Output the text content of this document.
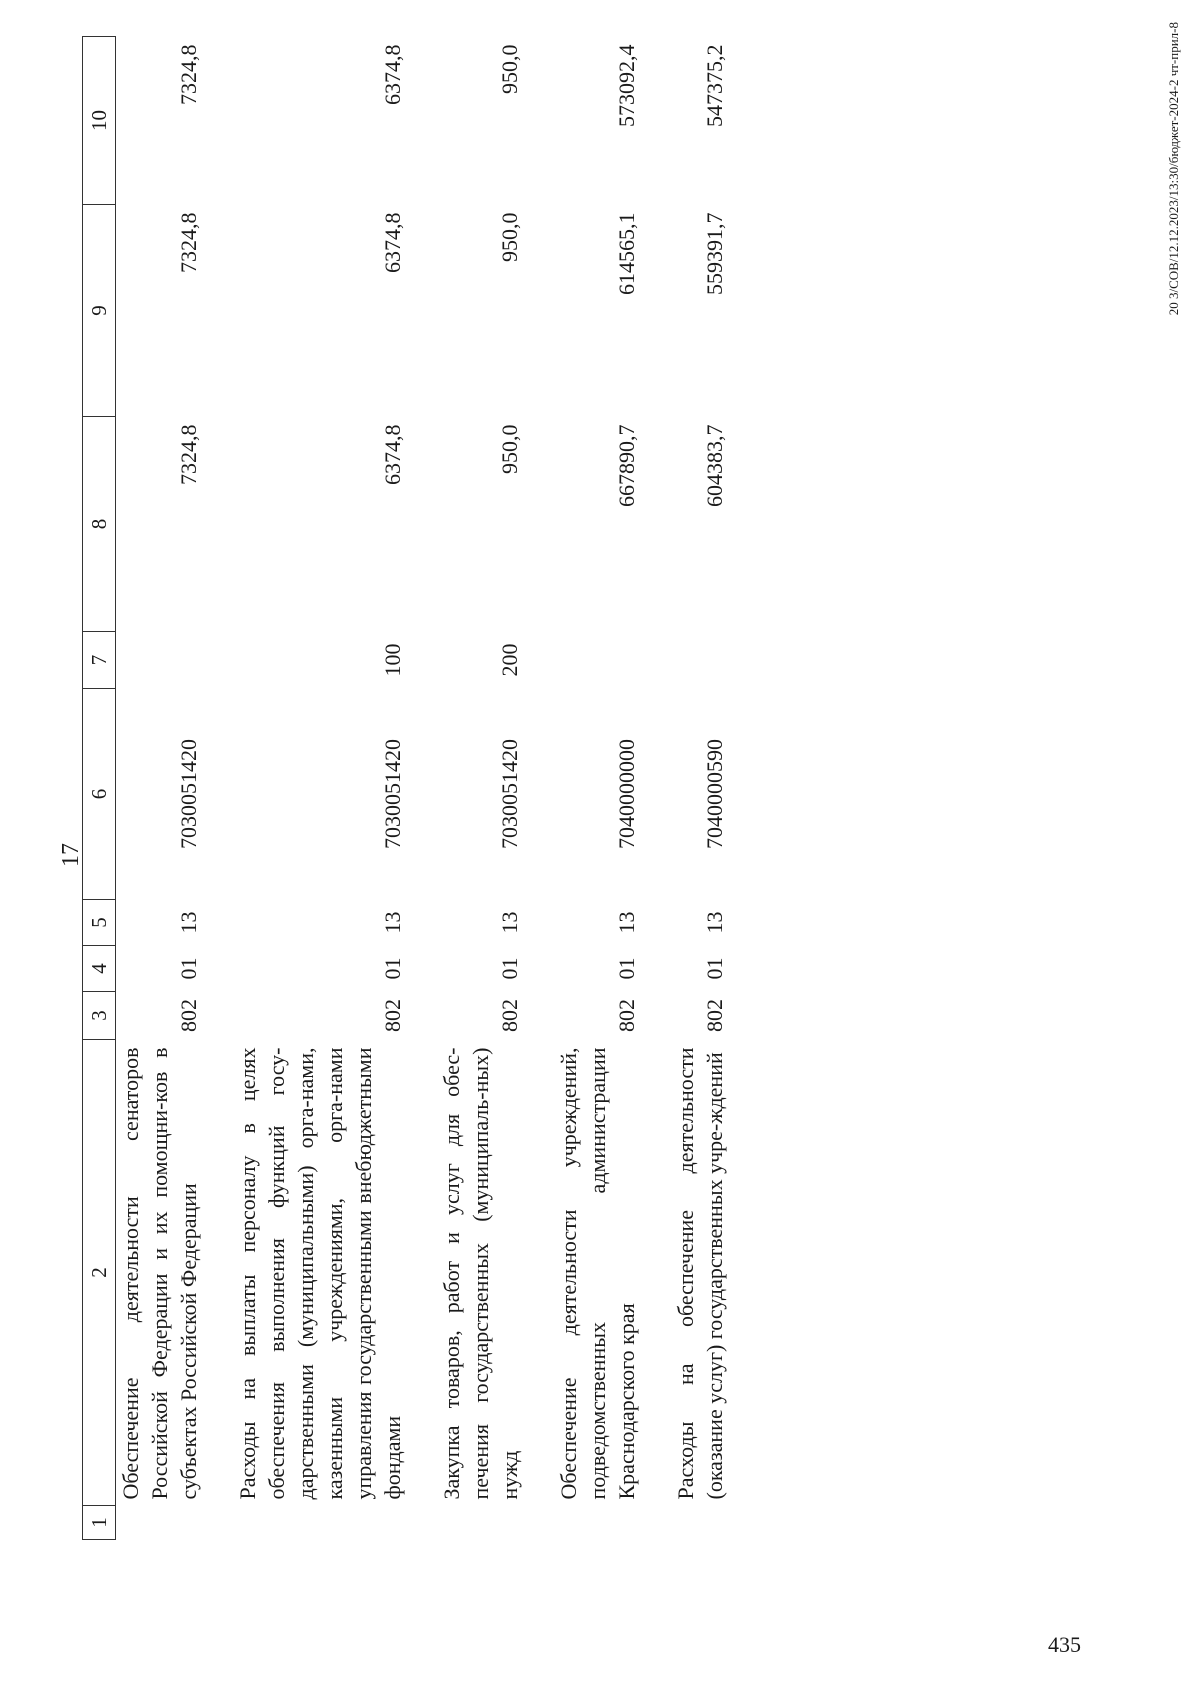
17
1	2	3	4	5	6	7	8	9	10
	Обеспечение деятельности сенаторов Российской Федерации и их помощни-ков в субъектах Российской Федерации	802	01	13	7030051420		7324,8	7324,8	7324,8

	Расходы на выплаты персоналу в целях обеспечения выполнения функций госу-дарственными (муниципальными) орга-нами, казенными учреждениями, орга-нами управления государственными внебюджетными фондами	802	01	13	7030051420	100	6374,8	6374,8	6374,8

	Закупка товаров, работ и услуг для обес-печения государственных (муниципаль-ных) нужд	802	01	13	7030051420	200	950,0	950,0	950,0

	Обеспечение деятельности учреждений, подведомственных администрации Краснодарского края	802	01	13	7040000000		667890,7	614565,1	573092,4

	Расходы на обеспечение деятельности (оказание услуг) государственных учре-ждений	802	01	13	7040000590		604383,7	559391,7	547375,2	20 3/СОВ/12.12.2023/13:30/бюджет-2024-2 чт-прил-8
435
